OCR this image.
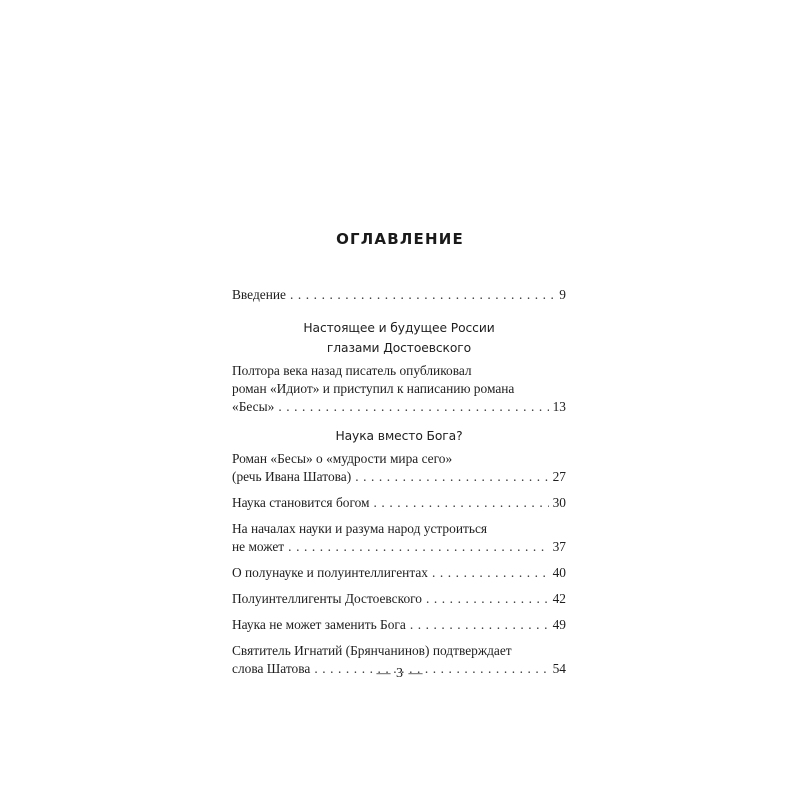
ОГЛАВЛЕНИЕ
Введение . . .	9
Настоящее и будущее России
глазами Достоевского
Полтора века назад писатель опубликовал
роман «Идиот» и приступил к написанию романа
«Бесы» . . .	13
Наука вместо Бога?
Роман «Бесы» о «мудрости мира сего»
(речь Ивана Шатова) . . .	27
Наука становится богом . . .	30
На началах науки и разума народ устроиться
не может . . .	37
О полунауке и полуинтеллигентах . . .	40
Полуинтеллигенты Достоевского . . .	42
Наука не может заменить Бога . . .	49
Святитель Игнатий (Брянчанинов) подтверждает
слова Шатова . . .	54
— 3 —
